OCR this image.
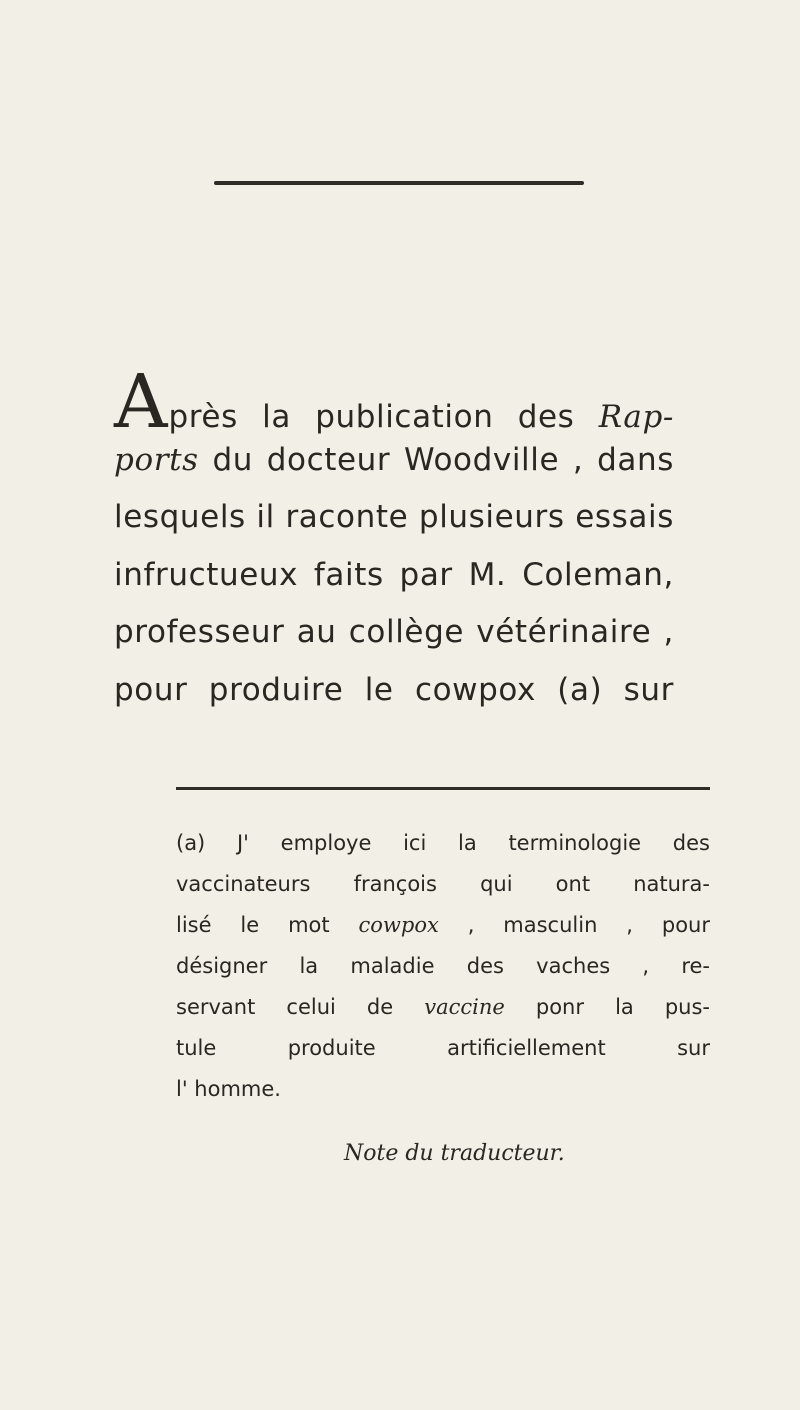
Après la publication des Rap-
ports du docteur Woodville , dans
lesquels il raconte plusieurs essais
infructueux faits par M. Coleman,
professeur au collège vétérinaire ,
pour produire le cowpox (a) sur
(a) J' employe ici la terminologie des
vaccinateurs françois qui ont natura-
lisé le mot cowpox , masculin , pour
désigner la maladie des vaches , re-
servant celui de vaccine ponr la pus-
tule produite artificiellement sur
l' homme.
Note du traducteur.
